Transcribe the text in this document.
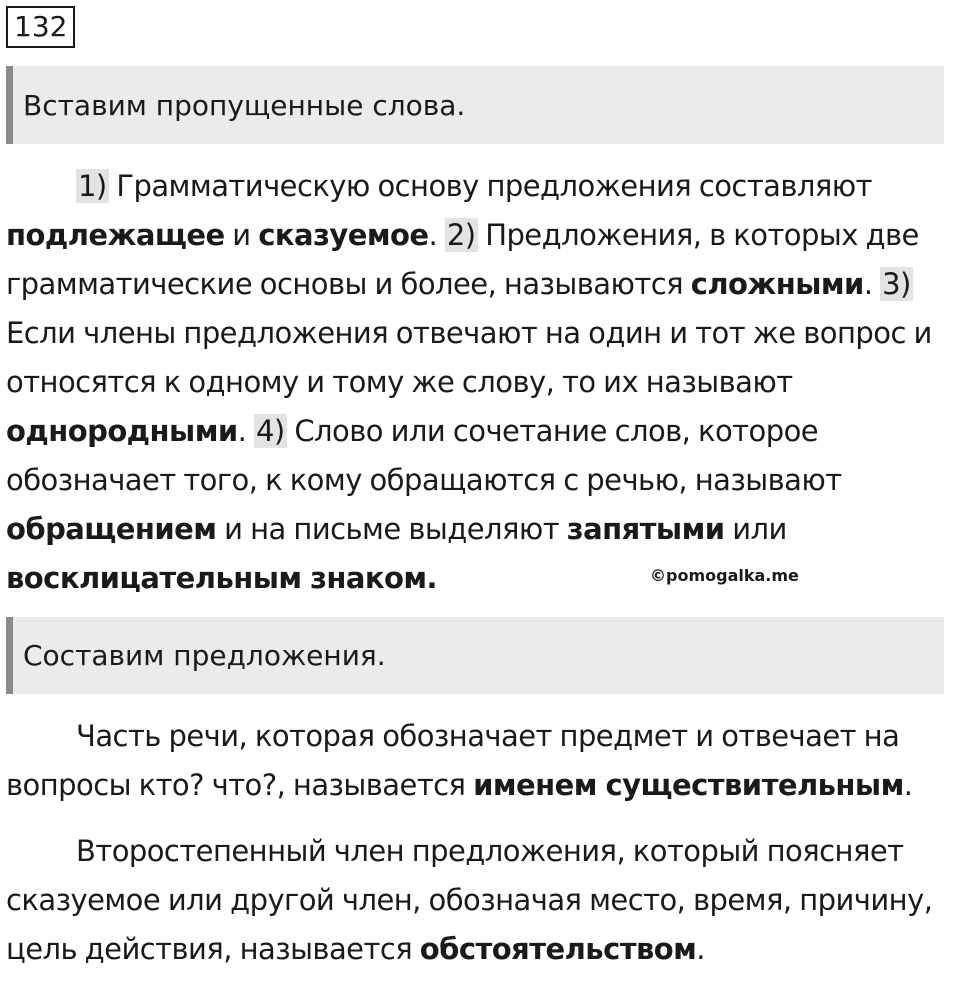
132
Вставим пропущенные слова.

1) Грамматическую основу предложения составляют подлежащее и сказуемое. 2) Предложения, в которых две грамматические основы и более, называются сложными. 3) Если члены предложения отвечают на один и тот же вопрос и относятся к одному и тому же слову, то их называют однородными. 4) Слово или сочетание слов, которое обозначает того, к кому обращаются с речью, называют обращением и на письме выделяют запятыми или восклицательным знаком.	©pomogalka.me
Составим предложения.

Часть речи, которая обозначает предмет и отвечает на вопросы кто? что?, называется именем существительным.

Второстепенный член предложения, который поясняет сказуемое или другой член, обозначая место, время, причину, цель действия, называется обстоятельством.
